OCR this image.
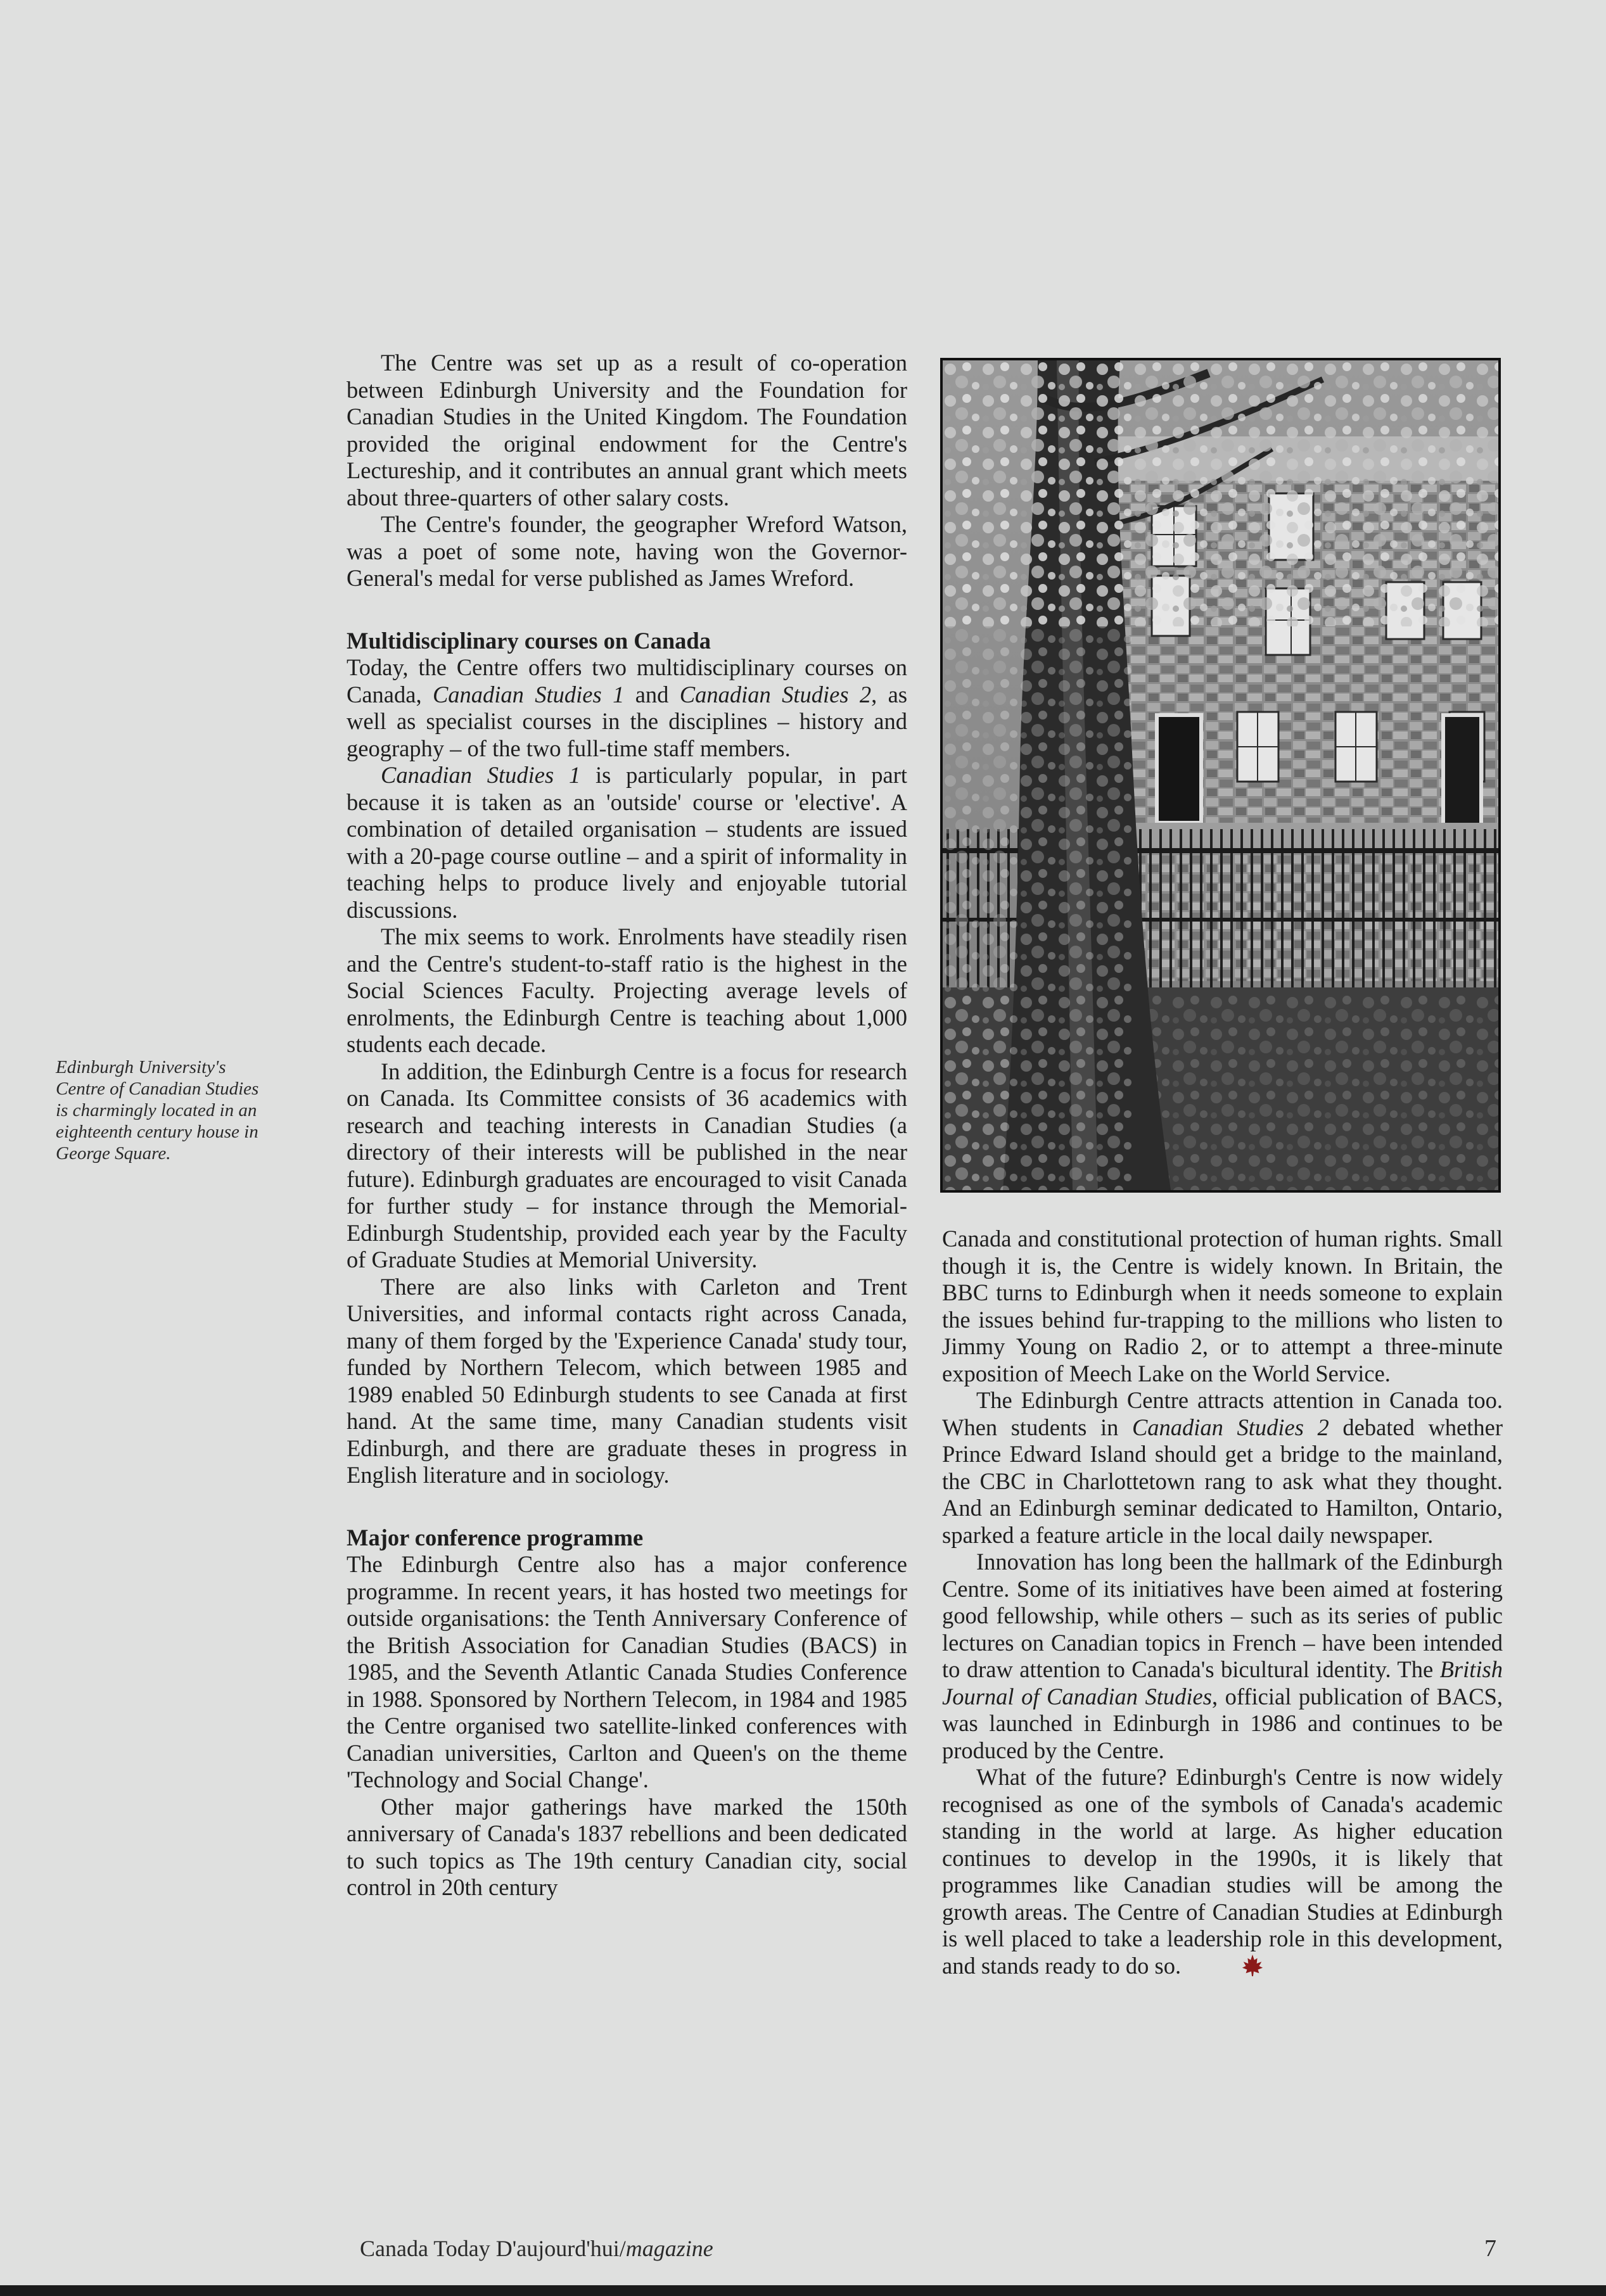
Edinburgh University's

Centre of Canadian Studies

is charmingly located in an

eighteenth century house in

George Square.

The Centre was set up as a result of co-operation between Edinburgh University and the Foundation for Canadian Studies in the United Kingdom. The Foundation provided the original endowment for the Centre's Lectureship, and it contributes an annual grant which meets about three-quarters of other salary costs.

The Centre's founder, the geographer Wreford Watson, was a poet of some note, having won the Governor-General's medal for verse published as James Wreford.

Multidisciplinary courses on Canada

Today, the Centre offers two multidisciplinary courses on Canada, Canadian Studies 1 and Canadian Studies 2, as well as specialist courses in the disciplines – history and geography – of the two full-time staff members.

Canadian Studies 1 is particularly popular, in part because it is taken as an 'outside' course or 'elective'. A combination of detailed organisation – students are issued with a 20-page course outline – and a spirit of informality in teaching helps to produce lively and enjoyable tutorial discussions.

The mix seems to work. Enrolments have steadily risen and the Centre's student-to-staff ratio is the highest in the Social Sciences Faculty. Projecting average levels of enrolments, the Edinburgh Centre is teaching about 1,000 students each decade.

In addition, the Edinburgh Centre is a focus for research on Canada. Its Committee consists of 36 academics with research and teaching interests in Canadian Studies (a directory of their interests will be published in the near future). Edinburgh graduates are encouraged to visit Canada for further study – for instance through the Memorial-Edinburgh Studentship, provided each year by the Faculty of Graduate Studies at Memorial University.

There are also links with Carleton and Trent Universities, and informal contacts right across Canada, many of them forged by the 'Experience Canada' study tour, funded by Northern Telecom, which between 1985 and 1989 enabled 50 Edinburgh students to see Canada at first hand. At the same time, many Canadian students visit Edinburgh, and there are graduate theses in progress in English literature and in sociology.

Major conference programme

The Edinburgh Centre also has a major conference programme. In recent years, it has hosted two meetings for outside organisations: the Tenth Anniversary Conference of the British Association for Canadian Studies (BACS) in 1985, and the Seventh Atlantic Canada Studies Conference in 1988. Sponsored by Northern Telecom, in 1984 and 1985 the Centre organised two satellite-linked conferences with Canadian universities, Carlton and Queen's on the theme 'Technology and Social Change'.

Other major gatherings have marked the 150th anniversary of Canada's 1837 rebellions and been dedicated to such topics as The 19th century Canadian city, social control in 20th century

Canada and constitutional protection of human rights. Small though it is, the Centre is widely known. In Britain, the BBC turns to Edinburgh when it needs someone to explain the issues behind fur-trapping to the millions who listen to Jimmy Young on Radio 2, or to attempt a three-minute exposition of Meech Lake on the World Service.

The Edinburgh Centre attracts attention in Canada too. When students in Canadian Studies 2 debated whether Prince Edward Island should get a bridge to the mainland, the CBC in Charlottetown rang to ask what they thought. And an Edinburgh seminar dedicated to Hamilton, Ontario, sparked a feature article in the local daily newspaper.

Innovation has long been the hallmark of the Edinburgh Centre. Some of its initiatives have been aimed at fostering good fellowship, while others – such as its series of public lectures on Canadian topics in French – have been intended to draw attention to Canada's bicultural identity. The British Journal of Canadian Studies, official publication of BACS, was launched in Edinburgh in 1986 and continues to be produced by the Centre.

What of the future? Edinburgh's Centre is now widely recognised as one of the symbols of Canada's academic standing in the world at large. As higher education continues to develop in the 1990s, it is likely that programmes like Canadian studies will be among the growth areas. The Centre of Canadian Studies at Edinburgh is well placed to take a leadership role in this development, and stands ready to do so.

Canada Today D'aujourd'hui/magazine	7
